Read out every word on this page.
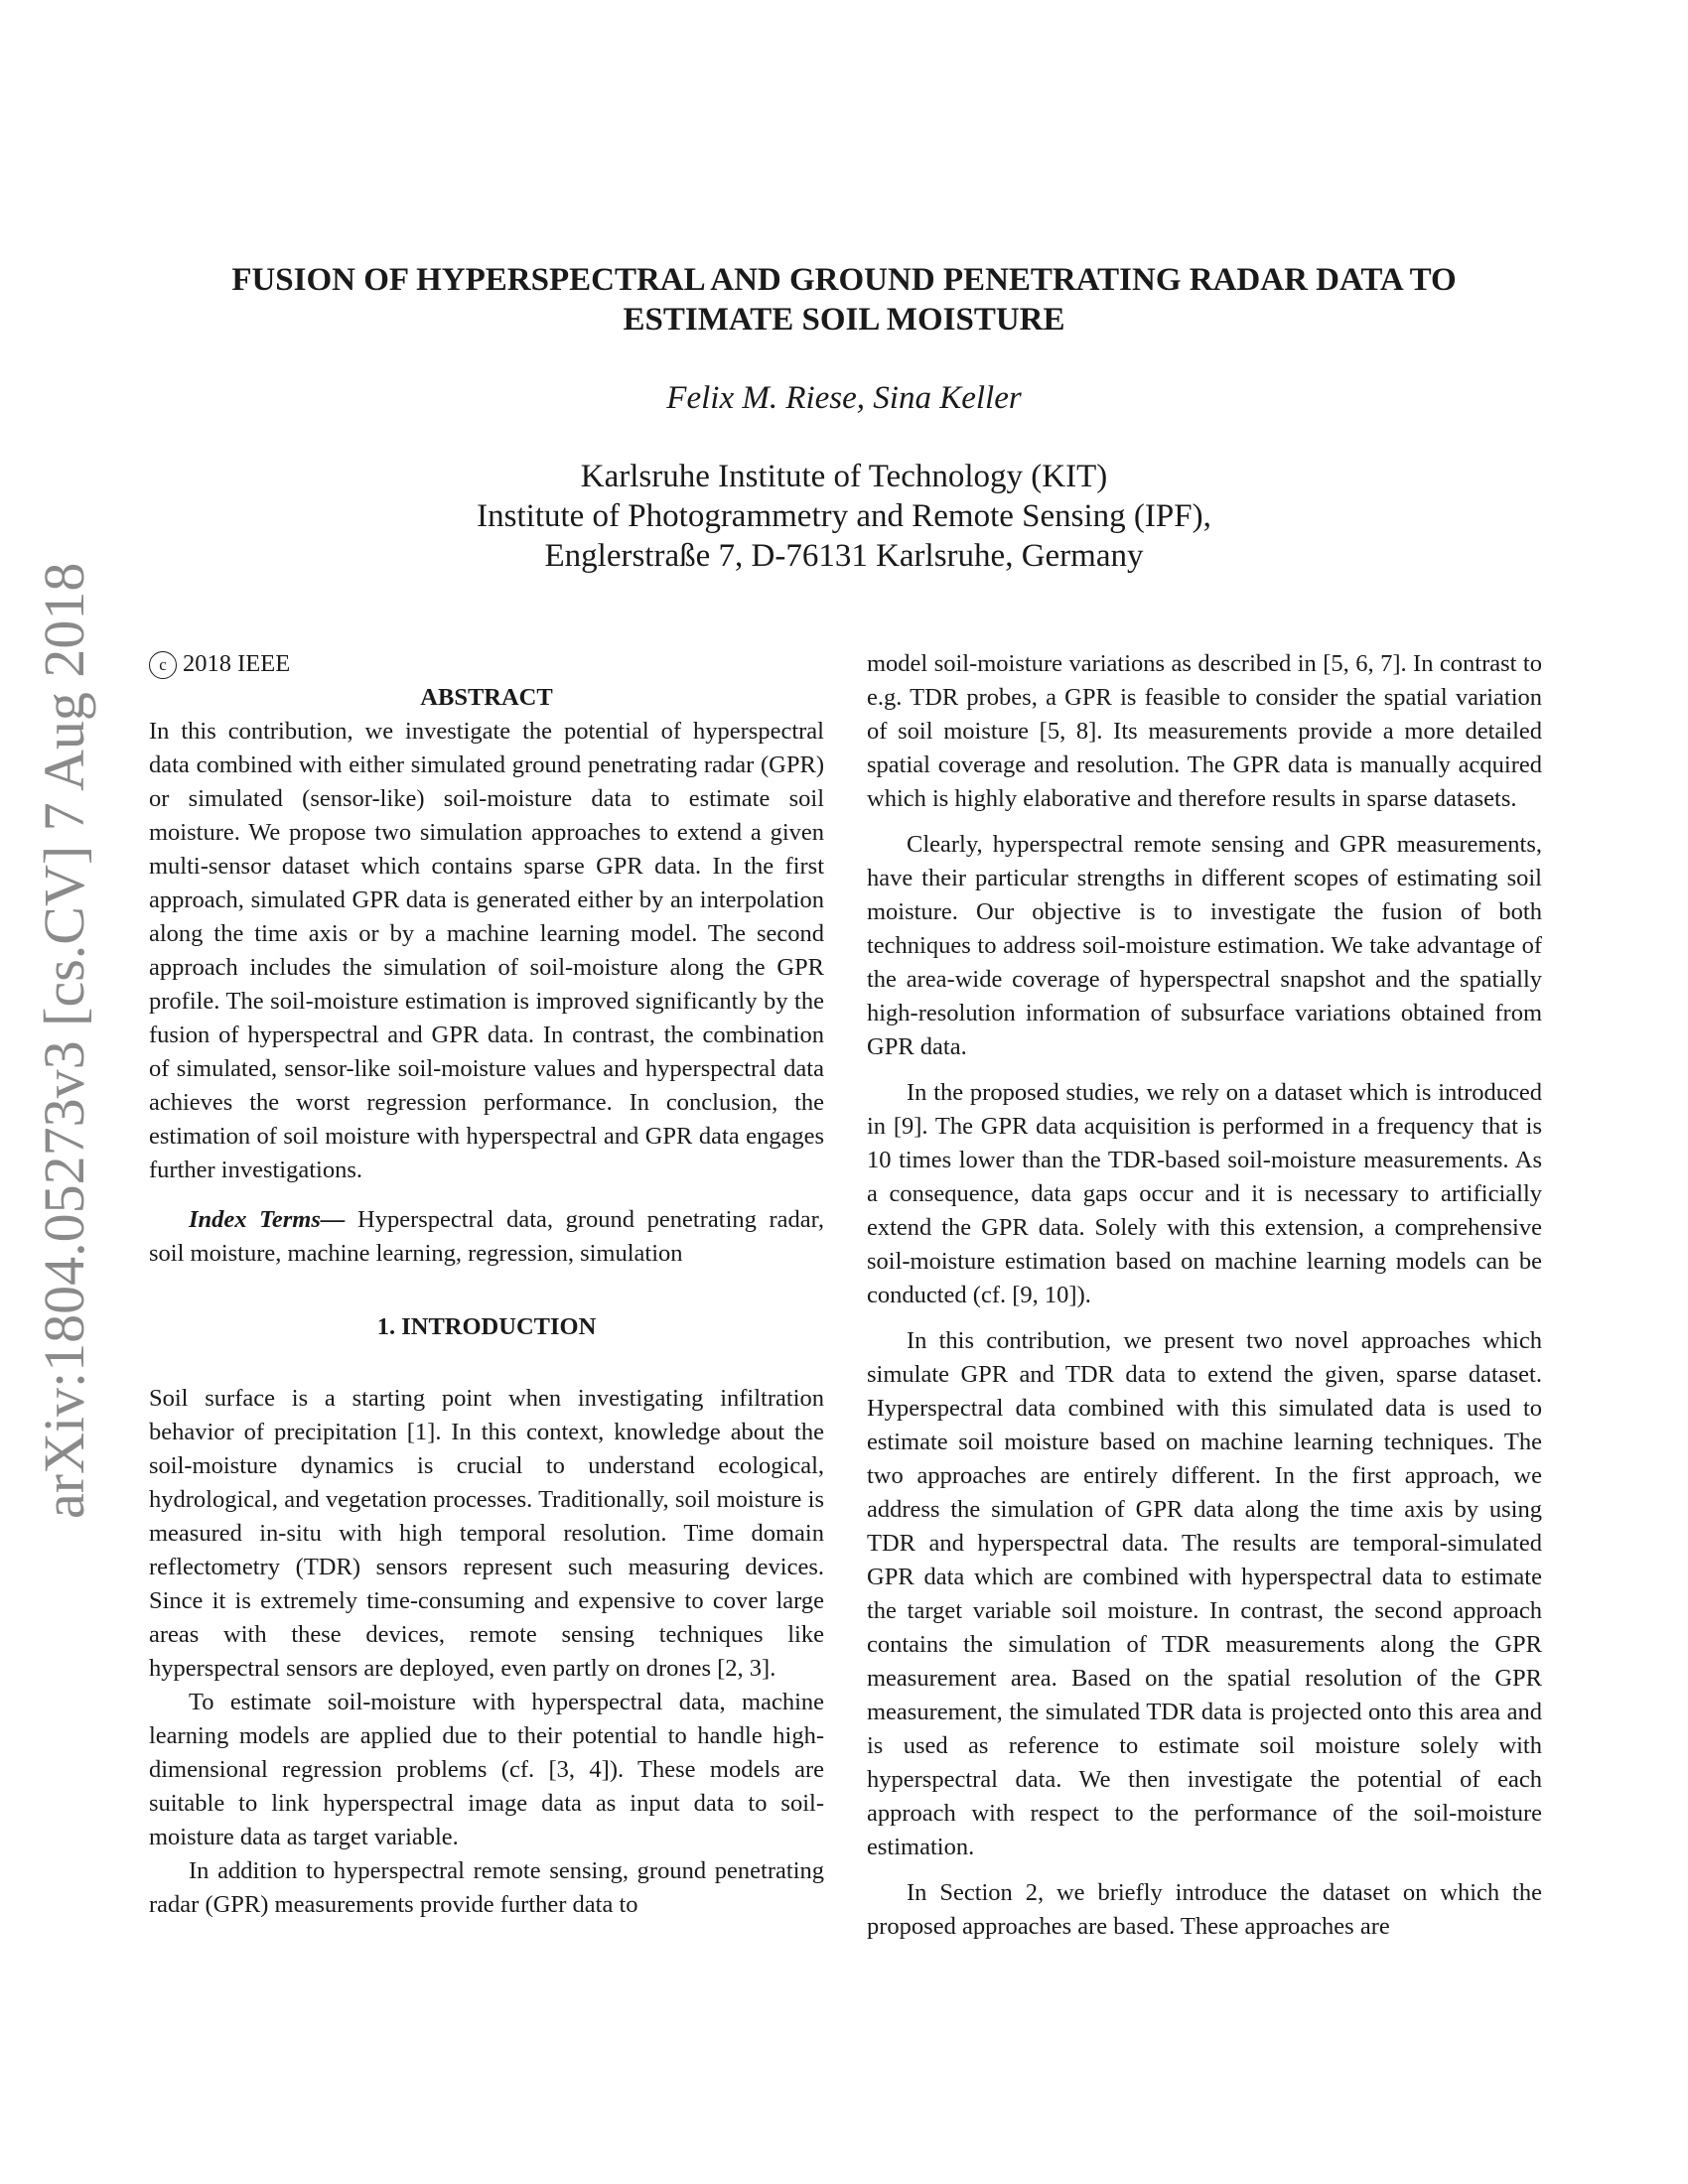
arXiv:1804.05273v3 [cs.CV] 7 Aug 2018
FUSION OF HYPERSPECTRAL AND GROUND PENETRATING RADAR DATA TO
ESTIMATE SOIL MOISTURE
Felix M. Riese, Sina Keller
Karlsruhe Institute of Technology (KIT)
Institute of Photogrammetry and Remote Sensing (IPF),
Englerstraße 7, D-76131 Karlsruhe, Germany

c 2018 IEEE

ABSTRACT

In this contribution, we investigate the potential of hyperspectral data combined with either simulated ground penetrating radar (GPR) or simulated (sensor-like) soil-moisture data to estimate soil moisture. We propose two simulation approaches to extend a given multi-sensor dataset which contains sparse GPR data. In the first approach, simulated GPR data is generated either by an interpolation along the time axis or by a machine learning model. The second approach includes the simulation of soil-moisture along the GPR profile. The soil-moisture estimation is improved significantly by the fusion of hyperspectral and GPR data. In contrast, the combination of simulated, sensor-like soil-moisture values and hyperspectral data achieves the worst regression performance. In conclusion, the estimation of soil moisture with hyperspectral and GPR data engages further investigations.

Index Terms— Hyperspectral data, ground penetrating radar, soil moisture, machine learning, regression, simulation

1. INTRODUCTION

Soil surface is a starting point when investigating infiltration behavior of precipitation [1]. In this context, knowledge about the soil-moisture dynamics is crucial to understand ecological, hydrological, and vegetation processes. Traditionally, soil moisture is measured in-situ with high temporal resolution. Time domain reflectometry (TDR) sensors represent such measuring devices. Since it is extremely time-consuming and expensive to cover large areas with these devices, remote sensing techniques like hyperspectral sensors are deployed, even partly on drones [2, 3].

To estimate soil-moisture with hyperspectral data, machine learning models are applied due to their potential to handle high-dimensional regression problems (cf. [3, 4]). These models are suitable to link hyperspectral image data as input data to soil-moisture data as target variable.

In addition to hyperspectral remote sensing, ground penetrating radar (GPR) measurements provide further data to

model soil-moisture variations as described in [5, 6, 7]. In contrast to e.g. TDR probes, a GPR is feasible to consider the spatial variation of soil moisture [5, 8]. Its measurements provide a more detailed spatial coverage and resolution. The GPR data is manually acquired which is highly elaborative and therefore results in sparse datasets.

Clearly, hyperspectral remote sensing and GPR measurements, have their particular strengths in different scopes of estimating soil moisture. Our objective is to investigate the fusion of both techniques to address soil-moisture estimation. We take advantage of the area-wide coverage of hyperspectral snapshot and the spatially high-resolution information of subsurface variations obtained from GPR data.

In the proposed studies, we rely on a dataset which is introduced in [9]. The GPR data acquisition is performed in a frequency that is 10 times lower than the TDR-based soil-moisture measurements. As a consequence, data gaps occur and it is necessary to artificially extend the GPR data. Solely with this extension, a comprehensive soil-moisture estimation based on machine learning models can be conducted (cf. [9, 10]).

In this contribution, we present two novel approaches which simulate GPR and TDR data to extend the given, sparse dataset. Hyperspectral data combined with this simulated data is used to estimate soil moisture based on machine learning techniques. The two approaches are entirely different. In the first approach, we address the simulation of GPR data along the time axis by using TDR and hyperspectral data. The results are temporal-simulated GPR data which are combined with hyperspectral data to estimate the target variable soil moisture. In contrast, the second approach contains the simulation of TDR measurements along the GPR measurement area. Based on the spatial resolution of the GPR measurement, the simulated TDR data is projected onto this area and is used as reference to estimate soil moisture solely with hyperspectral data. We then investigate the potential of each approach with respect to the performance of the soil-moisture estimation.

In Section 2, we briefly introduce the dataset on which the proposed approaches are based. These approaches are
